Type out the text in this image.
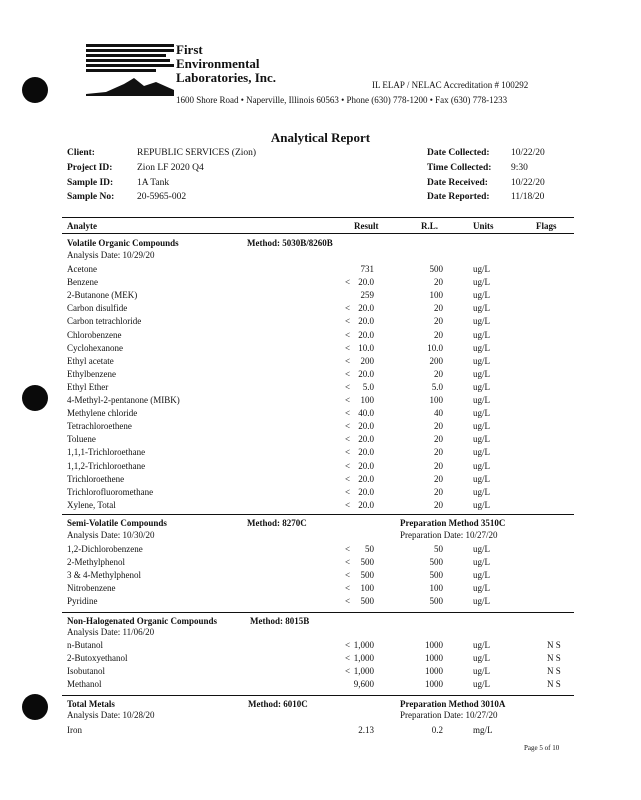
First
Environmental
Laboratories, Inc.	IL ELAP / NELAC Accreditation # 100292
1600 Shore Road • Naperville, Illinois 60563 • Phone (630) 778-1200 • Fax (630) 778-1233
Analytical Report
Client:	REPUBLIC SERVICES (Zion)
Project ID:	Zion LF 2020 Q4
Sample ID:	1A Tank
Sample No: 20-5965-002
Date Collected: 10/22/20
Time Collected: 9:30
Date Received: 10/22/20
Date Reported: 11/18/20
Analyte	Result	R.L.	Units	Flags
Volatile Organic Compounds	Method: 5030B/8260B
Analysis Date: 10/29/20
Acetone	731	500	ug/L
Benzene	< 20.0	20	ug/L
2-Butanone (MEK)	259	100	ug/L
Carbon disulfide	< 20.0	20	ug/L
Carbon tetrachloride	< 20.0	20	ug/L
Chlorobenzene	< 20.0	20	ug/L
Cyclohexanone	< 10.0	10.0	ug/L
Ethyl acetate	< 200	200	ug/L
Ethylbenzene	< 20.0	20	ug/L
Ethyl Ether	< 5.0	5.0	ug/L
4-Methyl-2-pentanone (MIBK)	< 100	100	ug/L
Methylene chloride	< 40.0	40	ug/L
Tetrachloroethene	< 20.0	20	ug/L
Toluene	< 20.0	20	ug/L
1,1,1-Trichloroethane	< 20.0	20	ug/L
1,1,2-Trichloroethane	< 20.0	20	ug/L
Trichloroethene	< 20.0	20	ug/L
Trichlorofluoromethane	< 20.0	20	ug/L
Xylene, Total	< 20.0	20	ug/L
Semi-Volatile Compounds	Method: 8270C	Preparation Method 3510C
Analysis Date: 10/30/20	Preparation Date: 10/27/20
1,2-Dichlorobenzene	< 50	50	ug/L
2-Methylphenol	< 500	500	ug/L
3 & 4-Methylphenol	< 500	500	ug/L
Nitrobenzene	< 100	100	ug/L
Pyridine	< 500	500	ug/L
Non-Halogenated Organic Compounds	Method: 8015B
Analysis Date: 11/06/20
n-Butanol	< 1,000	1000	ug/L	N S
2-Butoxyethanol	< 1,000	1000	ug/L	N S
Isobutanol	< 1,000	1000	ug/L	N S
Methanol	9,600	1000	ug/L	N S
Total Metals	Method: 6010C	Preparation Method 3010A
Analysis Date: 10/28/20	Preparation Date: 10/27/20
Iron	2.13	0.2	mg/L
Page 5 of 10
